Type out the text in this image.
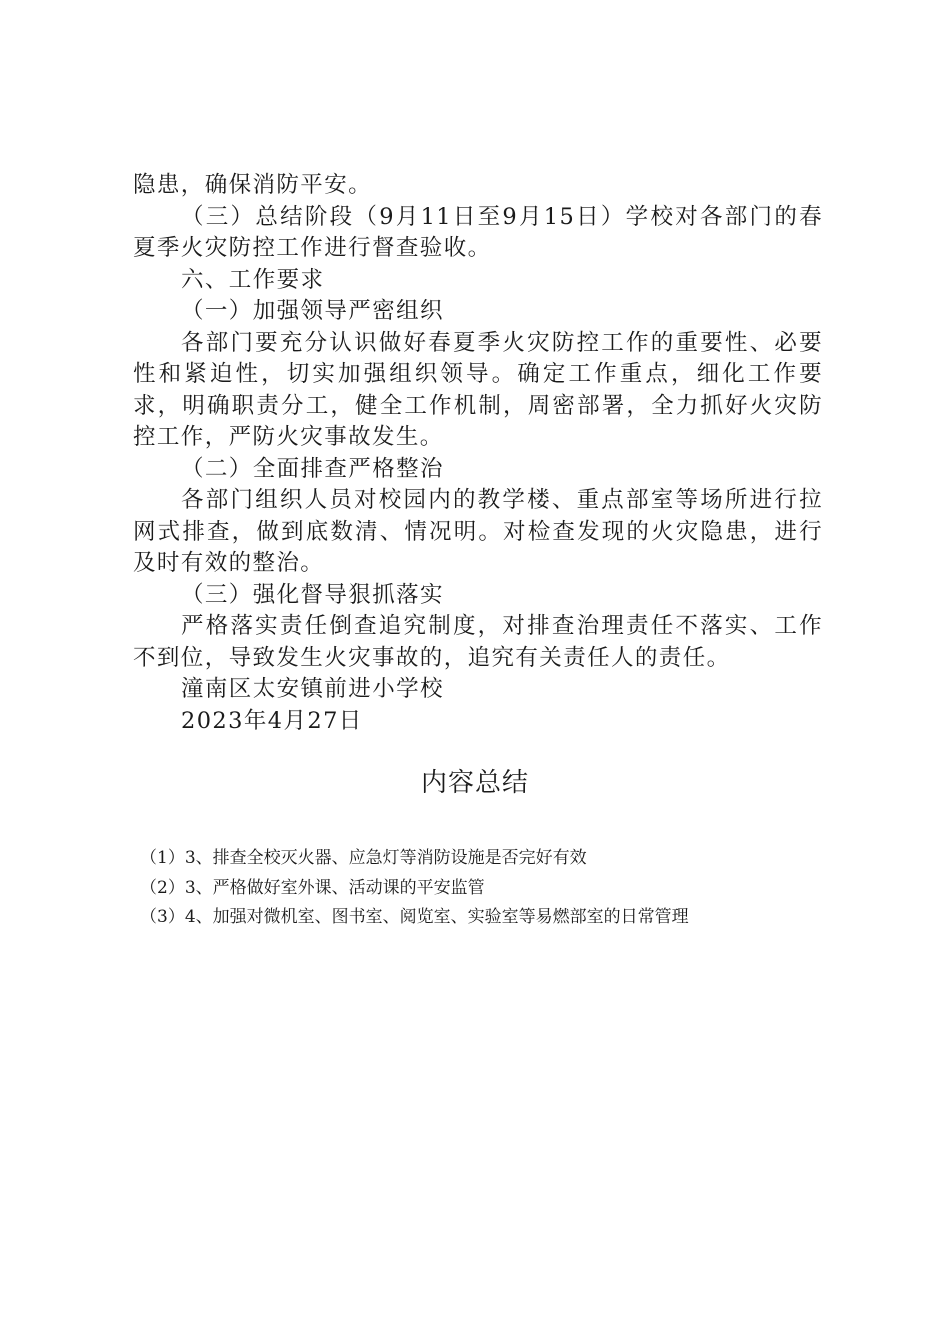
隐患，确保消防平安。

（三）总结阶段（9月11日至9月15日）学校对各部门的春夏季火灾防控工作进行督查验收。

六、工作要求

（一）加强领导严密组织

各部门要充分认识做好春夏季火灾防控工作的重要性、必要性和紧迫性，切实加强组织领导。确定工作重点，细化工作要求，明确职责分工，健全工作机制，周密部署，全力抓好火灾防控工作，严防火灾事故发生。

（二）全面排查严格整治

各部门组织人员对校园内的教学楼、重点部室等场所进行拉网式排查，做到底数清、情况明。对检查发现的火灾隐患，进行及时有效的整治。

（三）强化督导狠抓落实

严格落实责任倒查追究制度，对排查治理责任不落实、工作不到位，导致发生火灾事故的，追究有关责任人的责任。

潼南区太安镇前进小学校

2023年4月27日

内容总结
（1）3、排查全校灭火器、应急灯等消防设施是否完好有效
（2）3、严格做好室外课、活动课的平安监管
（3）4、加强对微机室、图书室、阅览室、实验室等易燃部室的日常管理
